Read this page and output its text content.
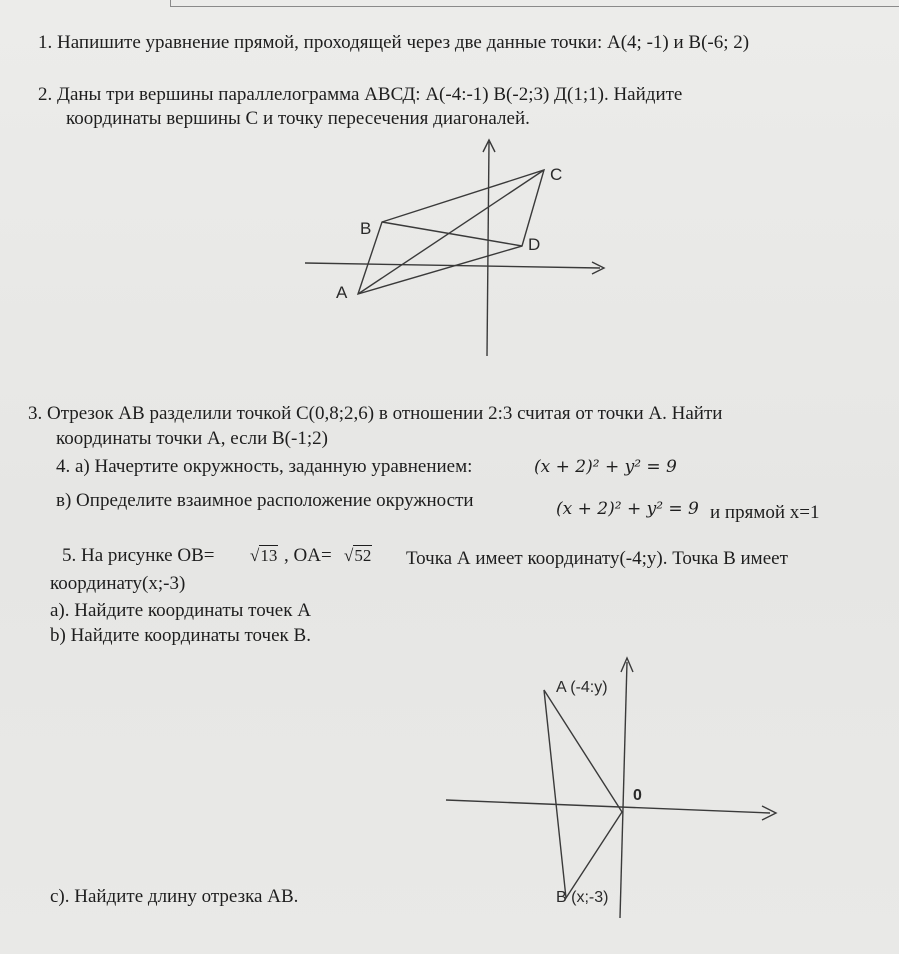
1. Напишите уравнение прямой, проходящей через две данные точки: A(4; -1) и B(-6; 2)
2. Даны три вершины параллелограмма АВСД: A(-4:-1) B(-2;3) Д(1;1). Найдите
координаты вершины С и точку пересечения диагоналей.
A
B
C
D
3. Отрезок АВ разделили точкой С(0,8;2,6) в отношении 2:3 считая от точки А. Найти
координаты точки А, если В(-1;2)
4. а) Начертите окружность, заданную уравнением:	(x + 2)² + y² = 9
в) Определите взаимное расположение окружности	(x + 2)² + y² = 9 и прямой x=1
5. На рисунке OB= √13 , OA= √52 Точка А имеет координату(-4;у). Точка В имеет
координату(х;-3)
а). Найдите координаты точек А
b) Найдите координаты точек В.
A (-4:y)
0
B (x;-3)
с). Найдите длину отрезка АВ.
